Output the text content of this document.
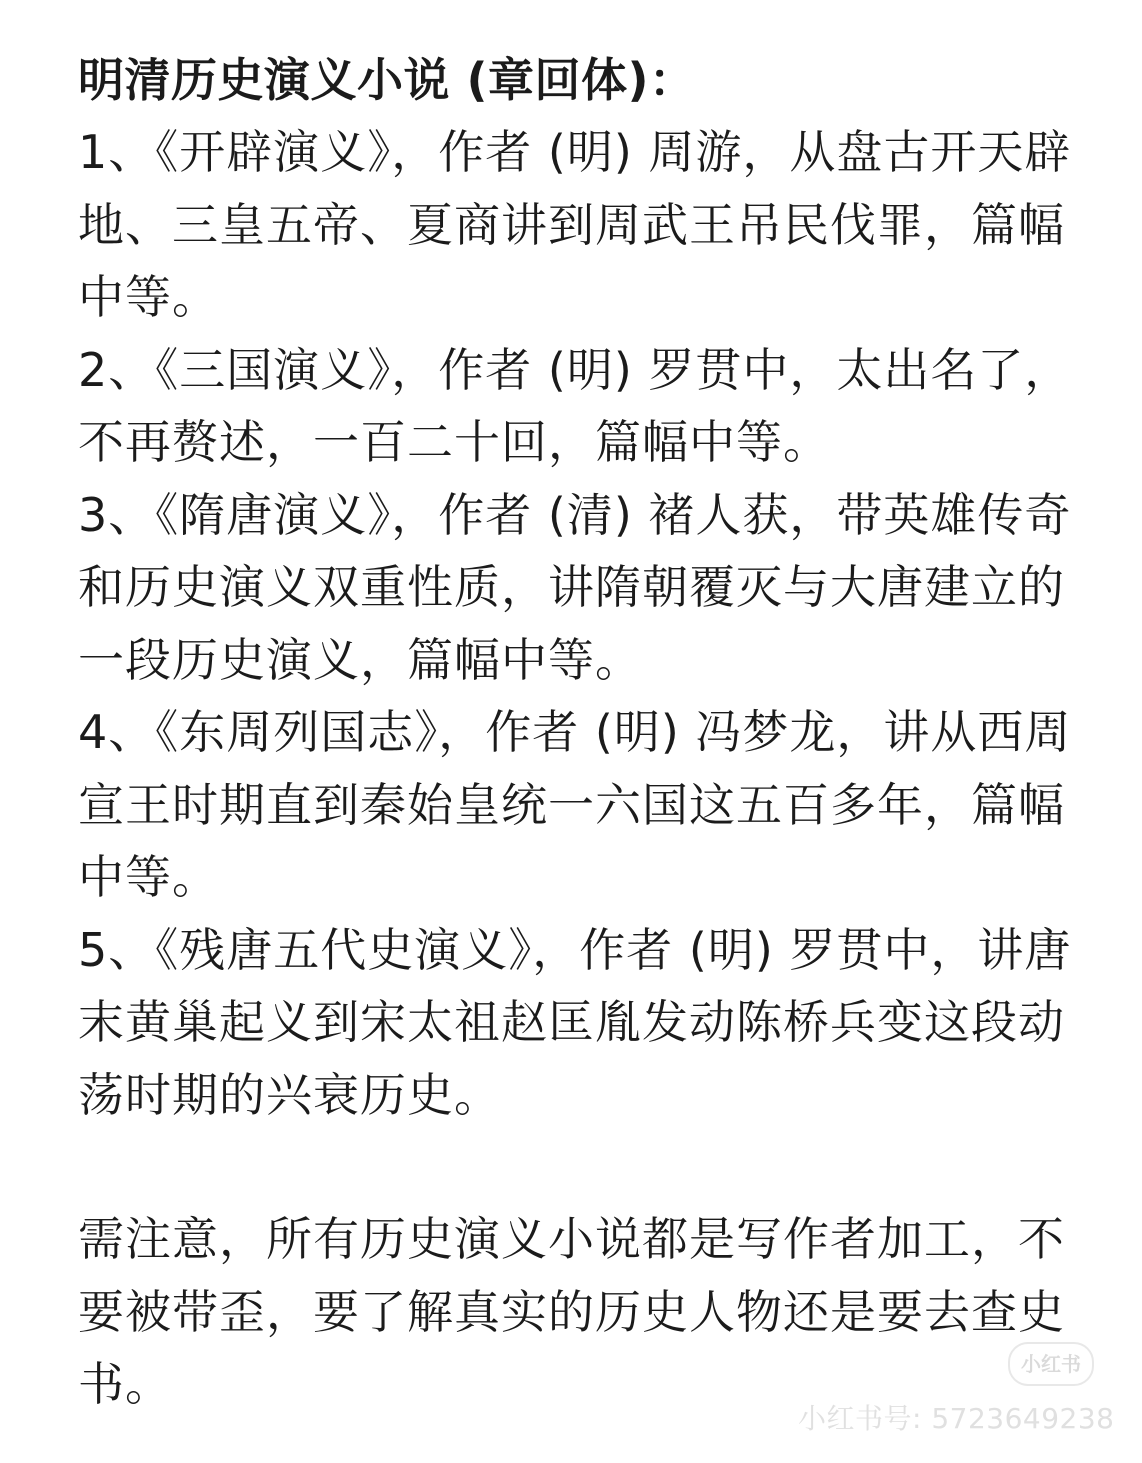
明清历史演义小说 (章回体)：

1、《开辟演义》，作者 (明) 周游，从盘古开天辟地、三皇五帝、夏商讲到周武王吊民伐罪，篇幅中等。

2、《三国演义》，作者 (明) 罗贯中，太出名了，不再赘述，一百二十回，篇幅中等。

3、《隋唐演义》，作者 (清) 褚人获，带英雄传奇和历史演义双重性质，讲隋朝覆灭与大唐建立的一段历史演义，篇幅中等。

4、《东周列国志》，作者 (明) 冯梦龙，讲从西周宣王时期直到秦始皇统一六国这五百多年，篇幅中等。

5、《残唐五代史演义》，作者 (明) 罗贯中，讲唐末黄巢起义到宋太祖赵匡胤发动陈桥兵变这段动荡时期的兴衰历史。

需注意，所有历史演义小说都是写作者加工，不要被带歪，要了解真实的历史人物还是要去查史书。	小红书
小红书号: 5723649238
